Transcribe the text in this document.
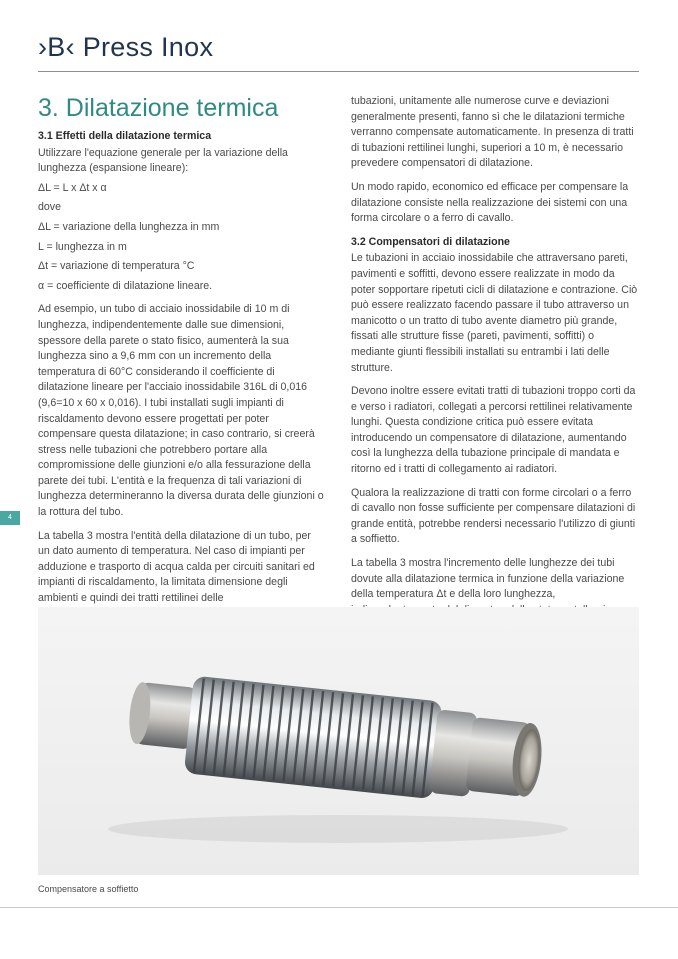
›B‹ Press Inox
3. Dilatazione termica
3.1 Effetti della dilatazione termica

Utilizzare l'equazione generale per la variazione della lunghezza (espansione lineare):

ΔL = L x Δt x α

dove

ΔL = variazione della lunghezza in mm

L = lunghezza in m

Δt = variazione di temperatura °C

α = coefficiente di dilatazione lineare.

Ad esempio, un tubo di acciaio inossidabile di 10 m di lunghezza, indipendentemente dalle sue dimensioni, spessore della parete o stato fisico, aumenterà la sua lunghezza sino a 9,6 mm con un incremento della temperatura di 60°C considerando il coefficiente di dilatazione lineare per l'acciaio inossidabile 316L di 0,016 (9,6=10 x 60 x 0,016). I tubi installati sugli impianti di riscaldamento devono essere progettati per poter compensare questa dilatazione; in caso contrario, si creerà stress nelle tubazioni che potrebbero portare alla compromissione delle giunzioni e/o alla fessurazione della parete dei tubi. L'entità e la frequenza di tali variazioni di lunghezza determineranno la diversa durata delle giunzioni o la rottura del tubo.

La tabella 3 mostra l'entità della dilatazione di un tubo, per un dato aumento di temperatura. Nel caso di impianti per adduzione e trasporto di acqua calda per circuiti sanitari ed impianti di riscaldamento, la limitata dimensione degli ambienti e quindi dei tratti rettilinei delle

tubazioni, unitamente alle numerose curve e deviazioni generalmente presenti, fanno sì che le dilatazioni termiche verranno compensate automaticamente. In presenza di tratti di tubazioni rettilinei lunghi, superiori a 10 m, è necessario prevedere compensatori di dilatazione.

Un modo rapido, economico ed efficace per compensare la dilatazione consiste nella realizzazione dei sistemi con una forma circolare o a ferro di cavallo.

3.2 Compensatori di dilatazione

Le tubazioni in acciaio inossidabile che attraversano pareti, pavimenti e soffitti, devono essere realizzate in modo da poter sopportare ripetuti cicli di dilatazione e contrazione. Ciò può essere realizzato facendo passare il tubo attraverso un manicotto o un tratto di tubo avente diametro più grande, fissati alle strutture fisse (pareti, pavimenti, soffitti) o mediante giunti flessibili installati su entrambi i lati delle strutture.

Devono inoltre essere evitati tratti di tubazioni troppo corti da e verso i radiatori, collegati a percorsi rettilinei relativamente lunghi. Questa condizione critica può essere evitata introducendo un compensatore di dilatazione, aumentando così la lunghezza della tubazione principale di mandata e ritorno ed i tratti di collegamento ai radiatori.

Qualora la realizzazione di tratti con forme circolari o a ferro di cavallo non fosse sufficiente per compensare dilatazioni di grande entità, potrebbe rendersi necessario l'utilizzo di giunti a soffietto.

La tabella 3 mostra l'incremento delle lunghezze dei tubi dovute alla dilatazione termica in funzione della variazione della temperatura Δt e della loro lunghezza,

4
Compensatore a soffietto
